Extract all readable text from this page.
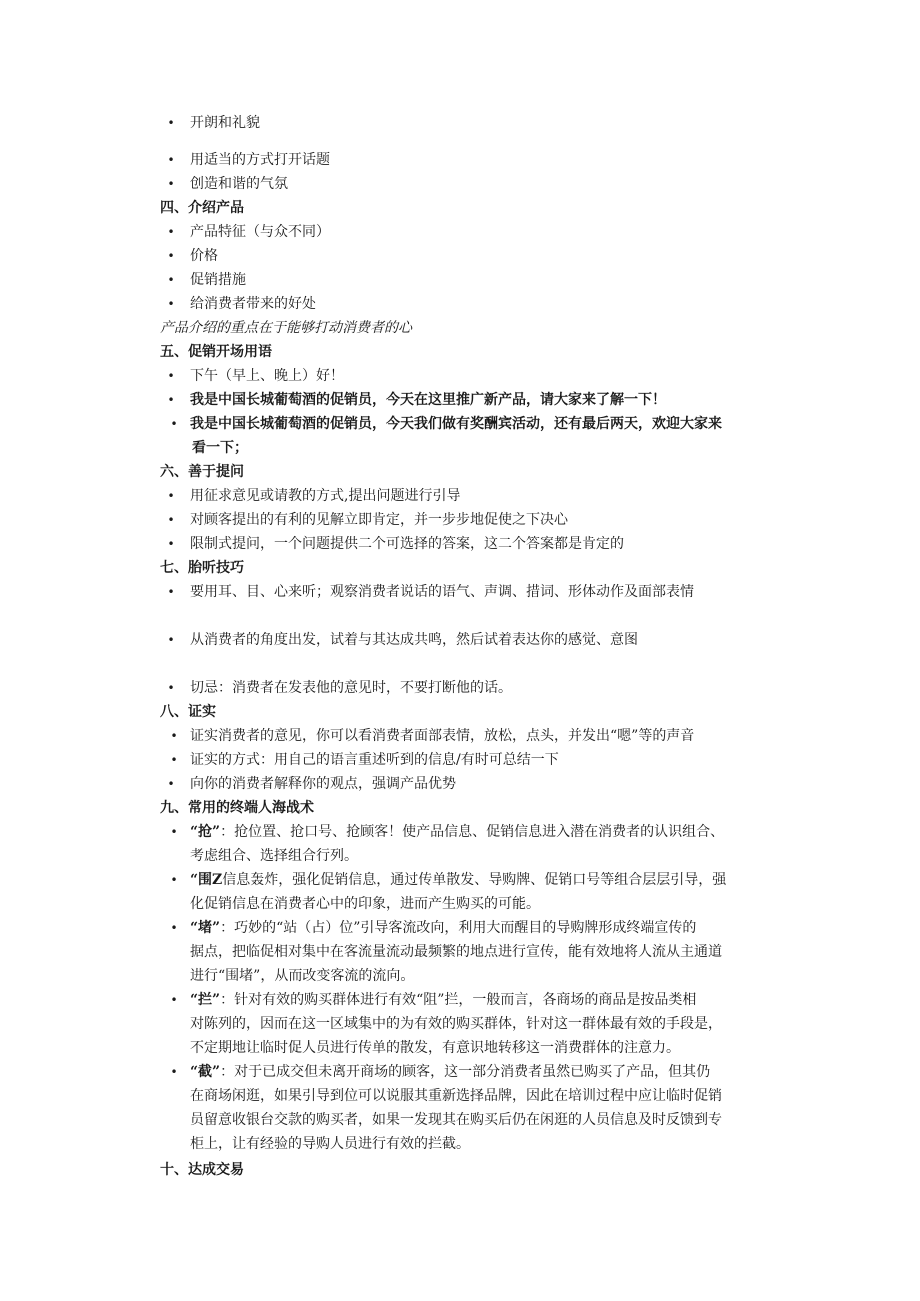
• 开朗和礼貌
• 用适当的方式打开话题
• 创造和谐的气氛
四、介绍产品
• 产品特征（与众不同）
• 价格
• 促销措施
• 给消费者带来的好处
产品介绍的重点在于能够打动消费者的心
五、促销开场用语
• 下午（早上、晚上）好！
• 我是中国长城葡萄酒的促销员，今天在这里推广新产品，请大家来了解一下！
• 我是中国长城葡萄酒的促销员，今天我们做有奖酬宾活动，还有最后两天，欢迎大家来
看一下；
六、善于提问
• 用征求意见或请教的方式,提出问题进行引导
• 对顾客提出的有利的见解立即肯定，并一步步地促使之下决心
• 限制式提问，一个问题提供二个可选择的答案，这二个答案都是肯定的
七、胎听技巧
• 要用耳、目、心来听；观察消费者说话的语气、声调、措词、形体动作及面部表情
• 从消费者的角度出发，试着与其达成共鸣，然后试着表达你的感觉、意图
• 切忌：消费者在发表他的意见时，不要打断他的话。
八、证实
• 证实消费者的意见，你可以看消费者面部表情，放松，点头，并发出“嗯”等的声音
• 证实的方式：用自己的语言重述听到的信息/有时可总结一下
• 向你的消费者解释你的观点，强调产品优势
九、常用的终端人海战术
• “抢”：抢位置、抢口号、抢顾客！使产品信息、促销信息进入潜在消费者的认识组合、
考虑组合、选择组合行列。
• “围Z信息轰炸，强化促销信息，通过传单散发、导购牌、促销口号等组合层层引导，强
化促销信息在消费者心中的印象，进而产生购买的可能。
• “堵”：巧妙的“站（占）位”引导客流改向，利用大而醒目的导购牌形成终端宣传的
据点，把临促相对集中在客流量流动最频繁的地点进行宣传，能有效地将人流从主通道
进行“围堵”，从而改变客流的流向。
• “拦”：针对有效的购买群体进行有效“阻”拦，一般而言，各商场的商品是按品类相
对陈列的，因而在这一区域集中的为有效的购买群体，针对这一群体最有效的手段是，
不定期地让临时促人员进行传单的散发，有意识地转移这一消费群体的注意力。
• “截”：对于已成交但未离开商场的顾客，这一部分消费者虽然已购买了产品，但其仍
在商场闲逛，如果引导到位可以说服其重新选择品牌，因此在培训过程中应让临时促销
员留意收银台交款的购买者，如果一发现其在购买后仍在闲逛的人员信息及时反馈到专
柜上，让有经验的导购人员进行有效的拦截。
十、达成交易
